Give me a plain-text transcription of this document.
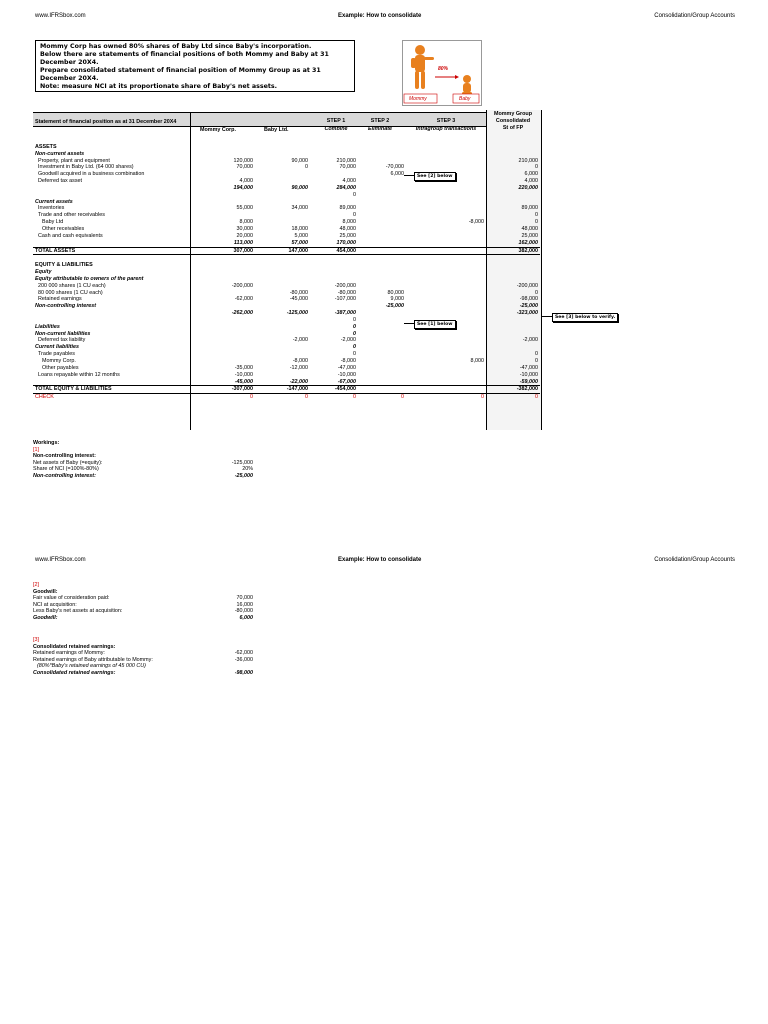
www.IFRSbox.com	Example: How to consolidate	Consolidation/Group Accounts
Mommy Corp has owned 80% shares of Baby Ltd since Baby's incorporation.
Below there are statements of financial positions of both Mommy and Baby at 31
December 20X4.
Prepare consolidated statement of financial position of Mommy Group as at 31
December 20X4.
Note: measure NCI at its proportionate share of Baby's net assets.
80%
Mommy	Baby
Statement of financial position as at 31 December 20X4
Mommy Corp.	Baby Ltd.
STEP 1
Combine
STEP 2
Eliminate
STEP 3
Intragroup transactions
Mommy Group
Consolidated
St of FP

ASSETS						
Non-current assets						
Property, plant and equipment	120,000	90,000	210,000			210,000
Investment in Baby Ltd. (64 000 shares)	70,000	0	70,000	-70,000		0
Goodwill acquired in a business combination				6,000		6,000
Deferred tax asset	4,000		4,000			4,000
	194,000	90,000	284,000			220,000
			0			
Current assets						
Inventories	55,000	34,000	89,000			89,000
Trade and other receivables			0			0
Baby Ltd	8,000		8,000		-8,000	0
Other receivables	30,000	18,000	48,000			48,000
Cash and cash equivalents	20,000	5,000	25,000			25,000
	113,000	57,000	170,000			162,000
TOTAL ASSETS	307,000	147,000	454,000			382,000

EQUITY & LIABILITIES						
Equity						
Equity attributable to owners of the parent						
200 000 shares (1 CU each)	-200,000		-200,000			-200,000
80 000 shares (1 CU each)		-80,000	-80,000	80,000		0
Retained earnings	-62,000	-45,000	-107,000	9,000		-98,000
Non-controlling interest				-25,000		-25,000
	-262,000	-125,000	-387,000			-323,000
			0			
Liabilities			0			
Non-current liabilities			0			
Deferred tax liability		-2,000	-2,000			-2,000
Current liabilities			0			
Trade payables			0			0
Mommy Corp.		-8,000	-8,000		8,000	0
Other payables	-35,000	-12,000	-47,000			-47,000
Loans repayable within 12 months	-10,000		-10,000			-10,000
	-45,000	-22,000	-67,000			-59,000
TOTAL EQUITY & LIABILITIES	-307,000	-147,000	-454,000			-382,000
CHECK	0	0	0	0	0	0
See [2] below
See [1] below
See [3] below to verify.
Workings:
[1]
Non-controlling interest:
Net assets of Baby (=equity):	-125,000
Share of NCI (=100%-80%)	20%
Non-controlling interest:	-25,000
www.IFRSbox.com	Example: How to consolidate	Consolidation/Group Accounts
[2]
Goodwill:
Fair value of consideration paid:	70,000
NCI at acquisition:	16,000
Less Baby's net assets at acquisition:	-80,000
Goodwill:	6,000
[3]
Consolidated retained earnings:
Retained earnings of Mommy:	-62,000
Retained earnings of Baby attributable to Mommy:	-36,000
(80%*Baby's retained earnings of 45 000 CU)
Consolidated retained earnings:	-98,000
